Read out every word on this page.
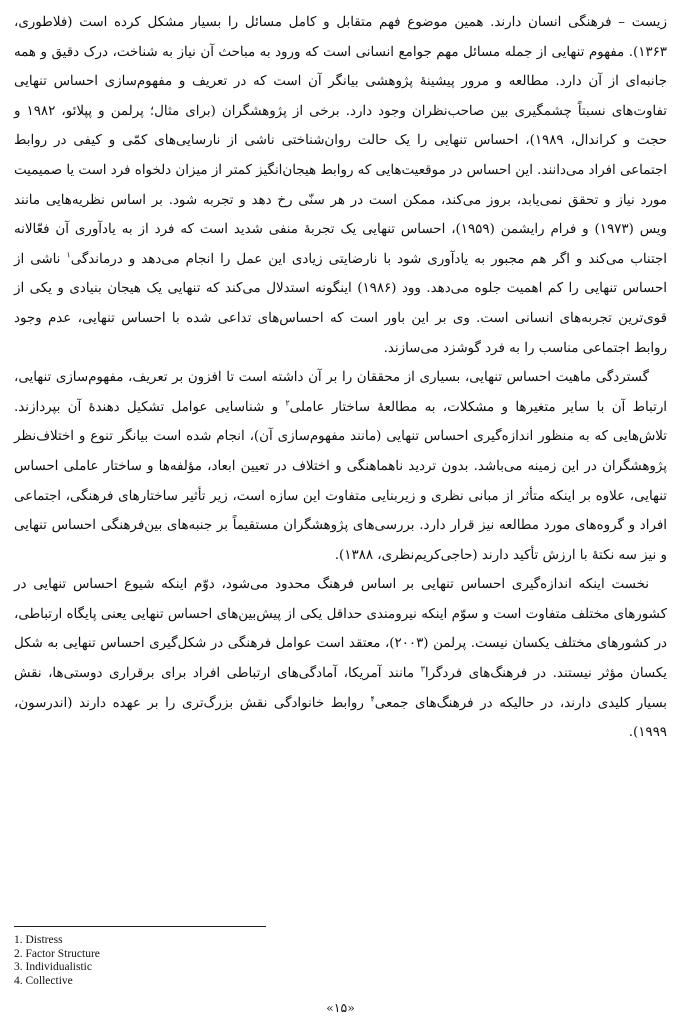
زیست – فرهنگی انسان دارند. همین موضوع فهم متقابل و کامل مسائل را بسیار مشکل کرده است (فلاطوری، ۱۳۶۳). مفهوم تنهایی از جمله مسائل مهم جوامع انسانی است که ورود به مباحث آن نیاز به شناخت، درک دقیق و همه جانبه‌ای از آن دارد. مطالعه و مرور پیشینهٔ پژوهشی بیانگر آن است که در تعریف و مفهوم‌سازی احساس تنهایی تفاوت‌های نسبتاً چشمگیری بین صاحب‌نظران وجود دارد. برخی از پژوهشگران (برای مثال؛ پرلمن و پپلائو، ۱۹۸۲ و حجت و کراندال، ۱۹۸۹)، احساس تنهایی را یک حالت روان‌شناختی ناشی از نارسایی‌های کمّی و کیفی در روابط اجتماعی افراد می‌دانند. این احساس در موقعیت‌هایی که روابط هیجان‌انگیز کمتر از میزان دلخواه فرد است یا صمیمیت مورد نیاز و تحقق نمی‌یابد، بروز می‌کند، ممکن است در هر سنّی رخ دهد و تجربه شود. بر اساس نظریه‌هایی مانند ویس (۱۹۷۳) و فرام رایشمن (۱۹۵۹)، احساس تنهایی یک تجربهٔ منفی شدید است که فرد از به یادآوری آن فعّالانه اجتناب می‌کند و اگر هم مجبور به یادآوری شود با نارضایتی زیادی این عمل را انجام می‌دهد و درماندگی$^۱$ ناشی از احساس تنهایی را کم اهمیت جلوه می‌دهد. وود (۱۹۸۶) اینگونه استدلال می‌کند که تنهایی یک هیجان بنیادی و یکی از قوی‌ترین تجربه‌های انسانی است. وی بر این باور است که احساس‌های تداعی شده با احساس تنهایی، عدم وجود روابط اجتماعی مناسب را به فرد گوشزد می‌سازند.

گستردگی ماهیت احساس تنهایی، بسیاری از محققان را بر آن داشته است تا افزون بر تعریف، مفهوم‌سازی تنهایی، ارتباط آن با سایر متغیرها و مشکلات، به مطالعهٔ ساختار عاملی$^۲$ و شناسایی عوامل تشکیل دهندهٔ آن بپردازند. تلاش‌هایی که به منظور اندازه‌گیری احساس تنهایی (مانند مفهوم‌سازی آن)، انجام شده است بیانگر تنوع و اختلاف‌نظر پژوهشگران در این زمینه می‌باشد. بدون تردید ناهماهنگی و اختلاف در تعیین ابعاد، مؤلفه‌ها و ساختار عاملی احساس تنهایی، علاوه بر اینکه متأثر از مبانی نظری و زیربنایی متفاوت این سازه است، زیر تأثیر ساختارهای فرهنگی، اجتماعی افراد و گروه‌های مورد مطالعه نیز قرار دارد. بررسی‌های پژوهشگران مستقیماً بر جنبه‌های بین‌فرهنگی احساس تنهایی و نیز سه نکتهٔ با ارزش تأکید دارند (حاجی‌کریم‌نظری، ۱۳۸۸).

نخست اینکه اندازه‌گیری احساس تنهایی بر اساس فرهنگ محدود می‌شود، دوّم اینکه شیوع احساس تنهایی در کشورهای مختلف متفاوت است و سوّم اینکه نیرومندی حداقل یکی از پیش‌بین‌های احساس تنهایی یعنی پایگاه ارتباطی، در کشورهای مختلف یکسان نیست. پرلمن (۲۰۰۳)، معتقد است عوامل فرهنگی در شکل‌گیری احساس تنهایی به شکل یکسان مؤثر نیستند. در فرهنگ‌های فردگرا$^۳$ مانند آمریکا، آمادگی‌های ارتباطی افراد برای برقراری دوستی‌ها، نقش بسیار کلیدی دارند، در حالیکه در فرهنگ‌های جمعی$^۴$ روابط خانوادگی نقش بزرگ‌تری را بر عهده دارند (اندرسون، ۱۹۹۹).

1. Distress
2. Factor Structure
3. Individualistic
4. Collective
«۱۵»
